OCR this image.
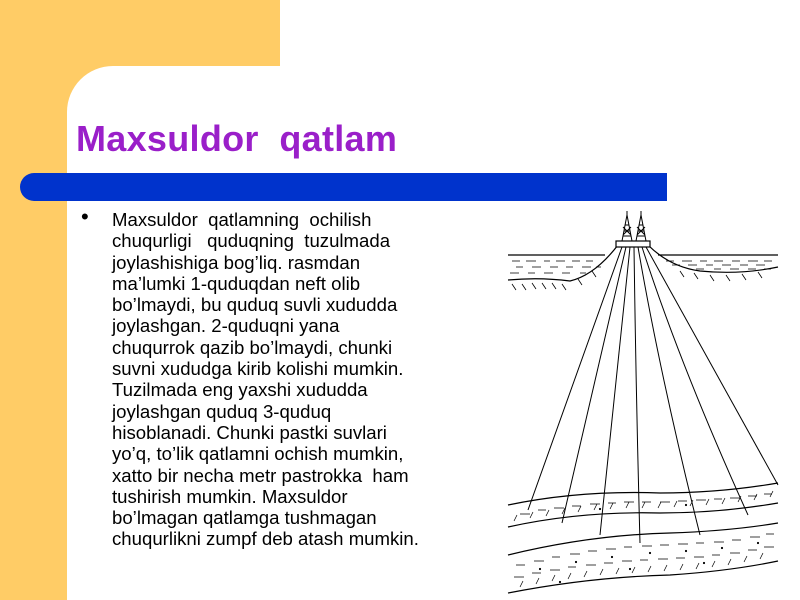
Maxsuldor  qatlam
• Maxsuldor  qatlamning  ochilish
chuqurligi   quduqning  tuzulmada
joylashishiga bog’liq. rasmdan
ma’lumki 1-quduqdan neft olib
bo’lmaydi, bu quduq suvli xududda
joylashgan. 2-quduqni yana
chuqurrok qazib bo’lmaydi, chunki
suvni xududga kirib kolishi mumkin.
Tuzilmada eng yaxshi xududda
joylashgan quduq 3-quduq
hisoblanadi. Chunki pastki suvlari
yo’q, to’lik qatlamni ochish mumkin,
xatto bir necha metr pastrokka  ham
tushirish mumkin. Maxsuldor
bo’lmagan qatlamga tushmagan
chuqurlikni zumpf deb atash mumkin.
